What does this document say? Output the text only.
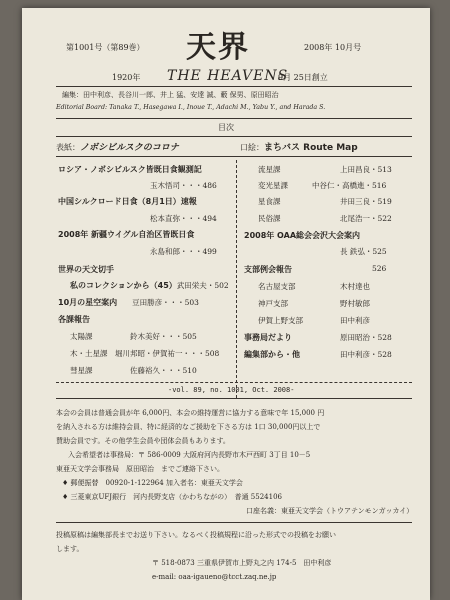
第1001号（第89巻） 天界	2008年 10月号
1920年 THE HEAVENS
9月 25日創立
編集：田中利彦、長谷川一郎、井上 猛、安達 誠、藪 保男、原田昭治
Editorial Board: Tanaka T., Hasegawa I., Inoue T., Adachi M., Yabu Y., and Harada S.
目次
表紙：ノボシビルスクのコロナ	口絵：まちバス Route Map
ロシア・ノボシビルスク皆既日食観測記
玉木悟司・・・486
中国シルクロード日食（8月1日）速報
松本直弥・・・494
2008年 新疆ウイグル自治区皆既日食
永島和郎・・・499
世界の天文切手
私のコレクションから（45）武田栄夫・502
10月の星空案内　　 豆田勝彦・・・503
各課報告
太陽課　　　　　	鈴木美好・・・505
木・土星課　堀川邦昭・伊賀祐一・・・508
彗星課　　　　　	佐藤裕久・・・510
流星課	上田昌良・513
変光星課	中谷仁・高橋進・516
星食課	井田三良・519
民俗課	北尾浩一・522
2008年 OAA総会会沢大会案内
長 鉄弘・525
支部例会報告	526
名古屋支部	木村達也
神戸支部	野村敏郎
伊賀上野支部	田中利彦
事務局だより	原田昭治・528
編集部から・他	田中利彦・528
-vol. 89, no. 1001, Oct. 2008-

本会の会員は普通会員が年 6,000円、本会の維持運営に協力する意味で年 15,000 円

を納入される方は維持会員、特に経済的なご援助を下さる方は 1口 30,000円以上で

賛助会員です。その他学生会員や団体会員もあります。

入会希望者は事務局：〒 586-0009 大阪府河内長野市木戸西町 3丁目 10－5

東亜天文学会事務局　原田昭治　までご連絡下さい。

♦ 郵便振替　00920-1-122964 加入者名：東亜天文学会

♦ 三菱東京UFJ銀行　河内長野支店（かわちながの）　普通 5524106

口座名義：東亜天文学会（トウアテンモンガッカイ）

投稿原稿は編集部長までお送り下さい。なるべく投稿規程に沿った形式での投稿をお願い

します。

〒 518-0873 三重県伊賀市上野丸之内 174-5　田中利彦

e-mail: oaa-igaueno@tcct.zaq.ne.jp
